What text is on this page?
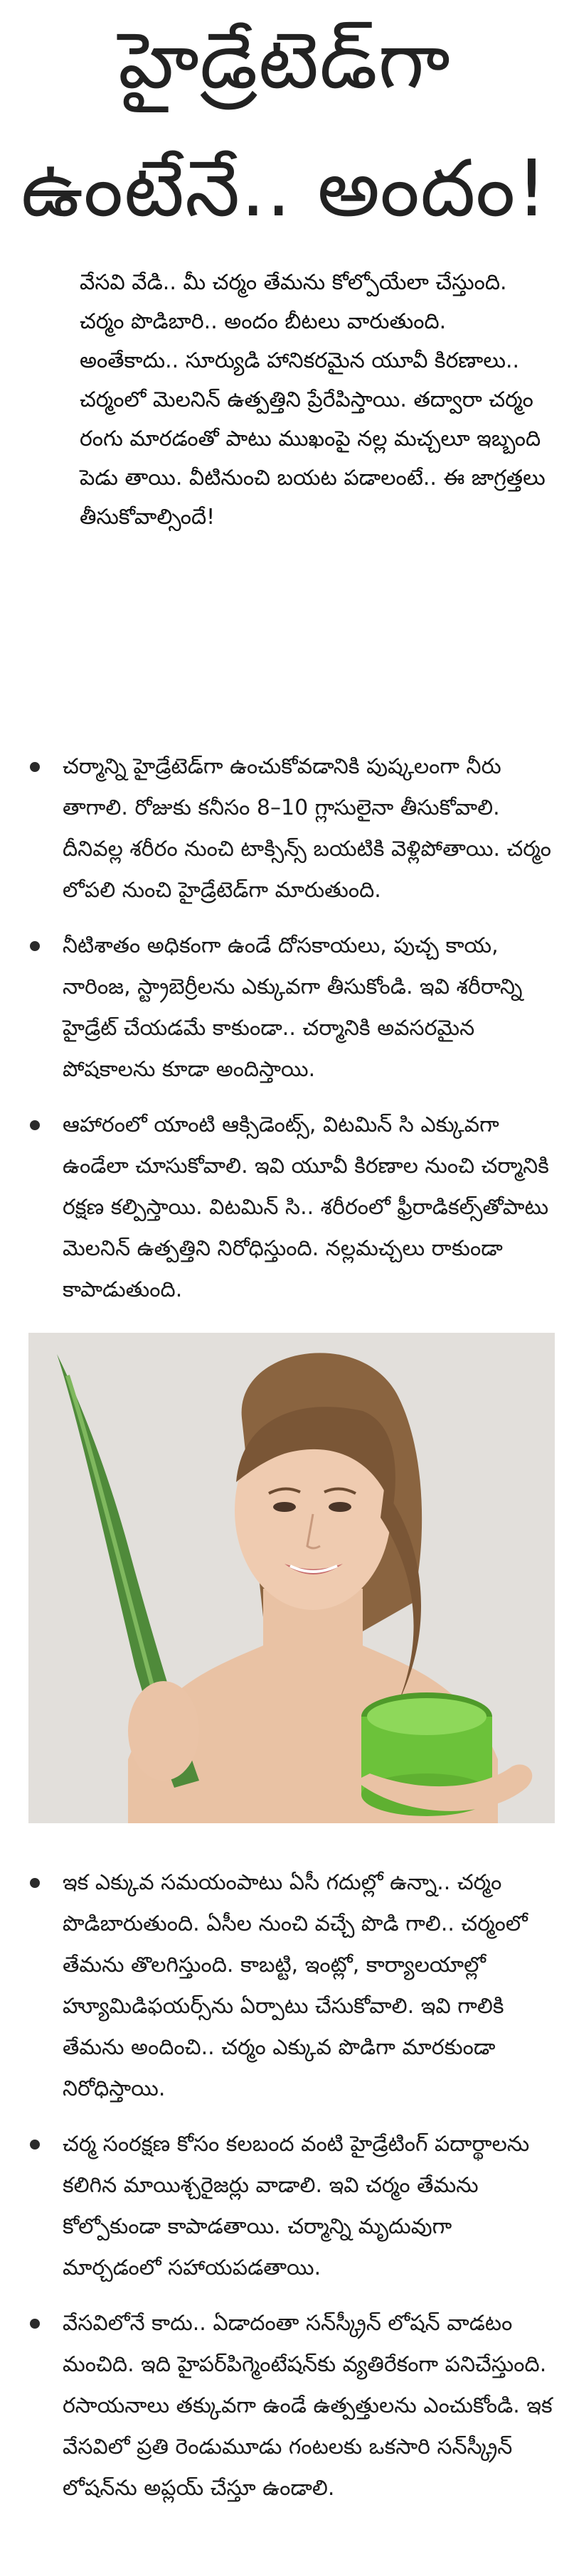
హైడ్రేటెడ్‌గా
ఉంటేనే.. అందం!

వేసవి వేడి.. మీ చర్మం తేమను కోల్పోయేలా చేస్తుంది. చర్మం పొడిబారి.. అందం బీటలు వారుతుంది. అంతేకాదు.. సూర్యుడి హానికరమైన యూవీ కిరణాలు.. చర్మంలో మెలనిన్‌ ఉత్పత్తిని ప్రేరేపిస్తాయి. తద్వారా చర్మం రంగు మారడంతో పాటు ముఖంపై నల్ల మచ్చలూ ఇబ్బంది పెడు తాయి. వీటినుంచి బయట పడాలంటే.. ఈ జాగ్రత్తలు తీసుకోవాల్సిందే!

చర్మాన్ని హైడ్రేటెడ్‌గా ఉంచుకోవడానికి పుష్కలంగా నీరు తాగాలి. రోజుకు కనీసం 8–10 గ్లాసులైనా తీసుకోవాలి. దీనివల్ల శరీరం నుంచి టాక్సిన్స్‌ బయటికి వెళ్లిపోతాయి. చర్మం లోపలి నుంచి హైడ్రేటెడ్‌గా మారుతుంది.
నీటిశాతం అధికంగా ఉండే దోసకాయలు, పుచ్చ కాయ, నారింజ, స్ట్రాబెర్రీలను ఎక్కువగా తీసుకోండి. ఇవి శరీరాన్ని హైడ్రేట్‌ చేయడమే కాకుండా.. చర్మానికి అవసరమైన పోషకాలను కూడా అందిస్తాయి.
ఆహారంలో యాంటి ఆక్సిడెంట్స్‌, విటమిన్‌ సి ఎక్కువగా ఉండేలా చూసుకోవాలి. ఇవి యూవీ కిరణాల నుంచి చర్మానికి రక్షణ కల్పిస్తాయి. విటమిన్‌ సి.. శరీరంలో ఫ్రీరాడికల్స్‌తోపాటు మెలనిన్‌ ఉత్పత్తిని నిరోధిస్తుంది. నల్లమచ్చలు రాకుండా కాపాడుతుంది.
ఇక ఎక్కువ సమయంపాటు ఏసీ గదుల్లో ఉన్నా.. చర్మం పొడిబారుతుంది. ఏసీల నుంచి వచ్చే పొడి గాలి.. చర్మంలో తేమను తొలగిస్తుంది. కాబట్టి, ఇంట్లో, కార్యాలయాల్లో హ్యూమిడిఫయర్స్‌ను ఏర్పాటు చేసుకోవాలి. ఇవి గాలికి తేమను అందించి.. చర్మం ఎక్కువ పొడిగా మారకుండా నిరోధిస్తాయి.
చర్మ సంరక్షణ కోసం కలబంద వంటి హైడ్రేటింగ్‌ పదార్థాలను కలిగిన మాయిశ్చరైజర్లు వాడాలి. ఇవి చర్మం తేమను కోల్పోకుండా కాపాడతాయి. చర్మాన్ని మృదువుగా మార్చడంలో సహాయపడతాయి.
వేసవిలోనే కాదు.. ఏడాదంతా సన్‌స్క్రీన్‌ లోషన్‌ వాడటం మంచిది. ఇది హైపర్‌పిగ్మెంటేషన్‌కు వ్యతిరేకంగా పనిచేస్తుంది. రసాయనాలు తక్కువగా ఉండే ఉత్పత్తులను ఎంచుకోండి. ఇక వేసవిలో ప్రతి రెండుమూడు గంటలకు ఒకసారి సన్‌స్క్రీన్‌ లోషన్‌ను అప్లయ్‌ చేస్తూ ఉండాలి.
